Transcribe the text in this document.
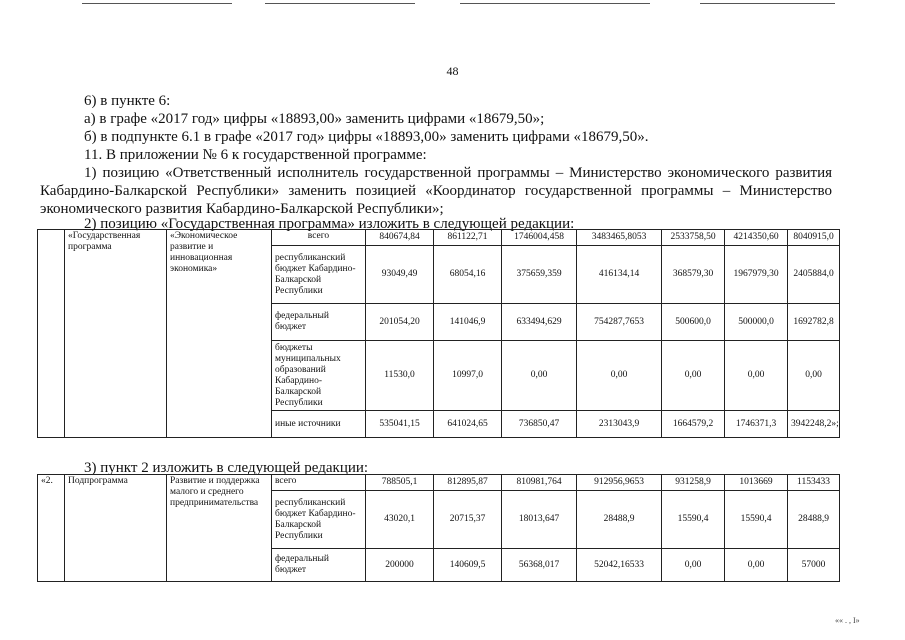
48
6) в пункте 6:
а) в графе «2017 год» цифры «18893,00» заменить цифрами «18679,50»;
б) в подпункте 6.1 в графе «2017 год» цифры «18893,00» заменить цифрами «18679,50».
11. В приложении № 6 к государственной программе:
1) позицию «Ответственный исполнитель государственной программы – Министерство экономического развития
Кабардино-Балкарской Республики» заменить позицией «Координатор государственной программы – Министерство
экономического развития Кабардино-Балкарской Республики»;
2) позицию «Государственная программа» изложить в следующей редакции:
	«Государственная программа	«Экономическое развитие и инновационная экономика»	всего	840674,84	861122,71	1746004,458	3483465,8053	2533758,50	4214350,60	8040915,0
			республиканский бюджет Кабардино-Балкарской Республики	93049,49	68054,16	375659,359	416134,14	368579,30	1967979,30	2405884,0
			федеральный бюджет	201054,20	141046,9	633494,629	754287,7653	500600,0	500000,0	1692782,8
			бюджеты муниципальных образований Кабардино-Балкарской Республики	11530,0	10997,0	0,00	0,00	0,00	0,00	0,00
			иные источники	535041,15	641024,65	736850,47	2313043,9	1664579,2	1746371,3	3942248,2»;
3) пункт 2 изложить в следующей редакции:
«2.	Подпрограмма	Развитие и поддержка малого и среднего предпринимательства	всего	788505,1	812895,87	810981,764	912956,9653	931258,9	1013669	1153433
			республиканский бюджет Кабардино-Балкарской Республики	43020,1	20715,37	18013,647	28488,9	15590,4	15590,4	28488,9
			федеральный бюджет	200000	140609,5	56368,017	52042,16533	0,00	0,00	57000
«« . , I»
